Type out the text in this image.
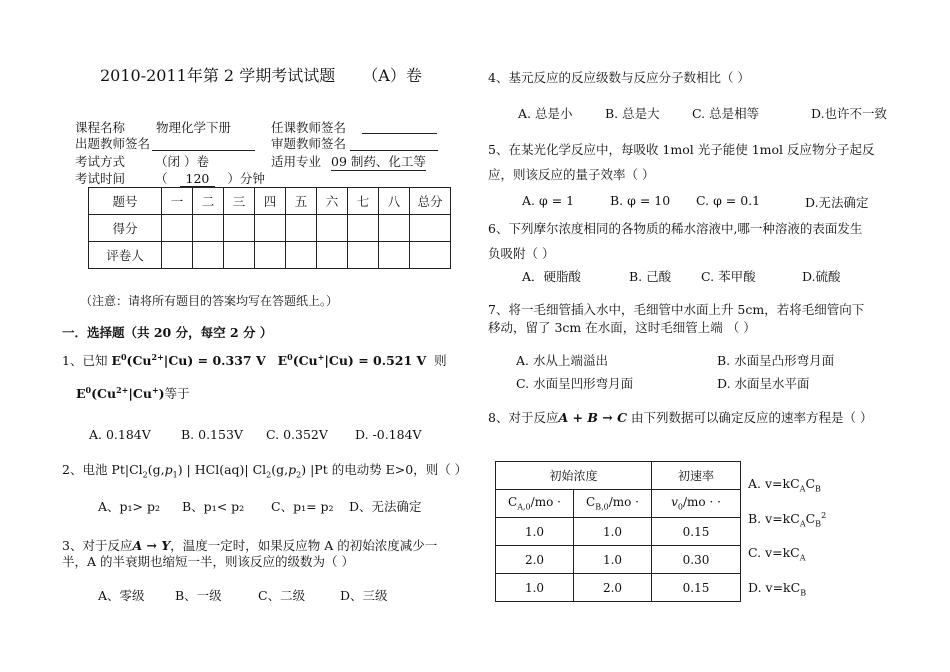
2010-2011年第 2 学期考试试题 （A）卷
课程名称 物理化学下册	任课教师签名
出题教师签名	审题教师签名
考试方式 （闭 ）卷	适用专业 09 制药、化工等
考试时间 （ 120 ）分钟
题号	一	二	三	四	五	六	七	八	总分
得分									
评卷人									
（注意：请将所有题目的答案均写在答题纸上。）
一．选择题（共 20 分，每空 2 分 ）
1、已知 $E^0(Cu^{2+}|Cu) = 0.337$ V $E^0(Cu^+|Cu) = 0.521$ V 则
$E^0(Cu^{2+}|Cu^+)$等于
A. 0.184V B. 0.153V C. 0.352V D. -0.184V
2、电池 $Pt|Cl_2(g,p_1)$ | HCl(aq)| $Cl_2(g,p_2)$ |Pt 的电动势 E>0，则（ ）
A、p₁> p₂ B、p₁< p₂ C、p₁= p₂ D、无法确定
3、对于反应A → Y，温度一定时，如果反应物 A 的初始浓度减少一
半，A 的半衰期也缩短一半，则该反应的级数为（ ）
A、零级 B、一级	C、二级	D、三级
4、基元反应的反应级数与反应分子数相比（ ）
A. 总是小	B. 总是大	C. 总是相等	D.也许不一致
5、在某光化学反应中，每吸收 1mol 光子能使 1mol 反应物分子起反
应，则该反应的量子效率（ ）
A. φ = 1	B. φ = 10 C. φ = 0.1	D.无法确定
6、下列摩尔浓度相同的各物质的稀水溶液中,哪一种溶液的表面发生
负吸附（ ）
A．硬脂酸	B. 己酸 C. 苯甲酸	D.硫酸
7、将一毛细管插入水中，毛细管中水面上升 5cm，若将毛细管向下
移动，留了 3cm 在水面，这时毛细管上端 （ ）
A. 水从上端溢出	B. 水面呈凸形弯月面
C. 水面呈凹形弯月面	D. 水面呈水平面
8、对于反应A + B → C 由下列数据可以确定反应的速率方程是（ ）
初始浓度		初速率
$C_{A,0}/mo$ ·	$C_{B,0}/mo$ ·	$v_0/mo$ · ·
1.0	1.0	0.15
2.0	1.0	0.30
1.0	2.0	0.15
A. $v=kC_AC_B$
B. $v=kC_AC_B^2$
C. $v=kC_A$
D. $v=kC_B$
